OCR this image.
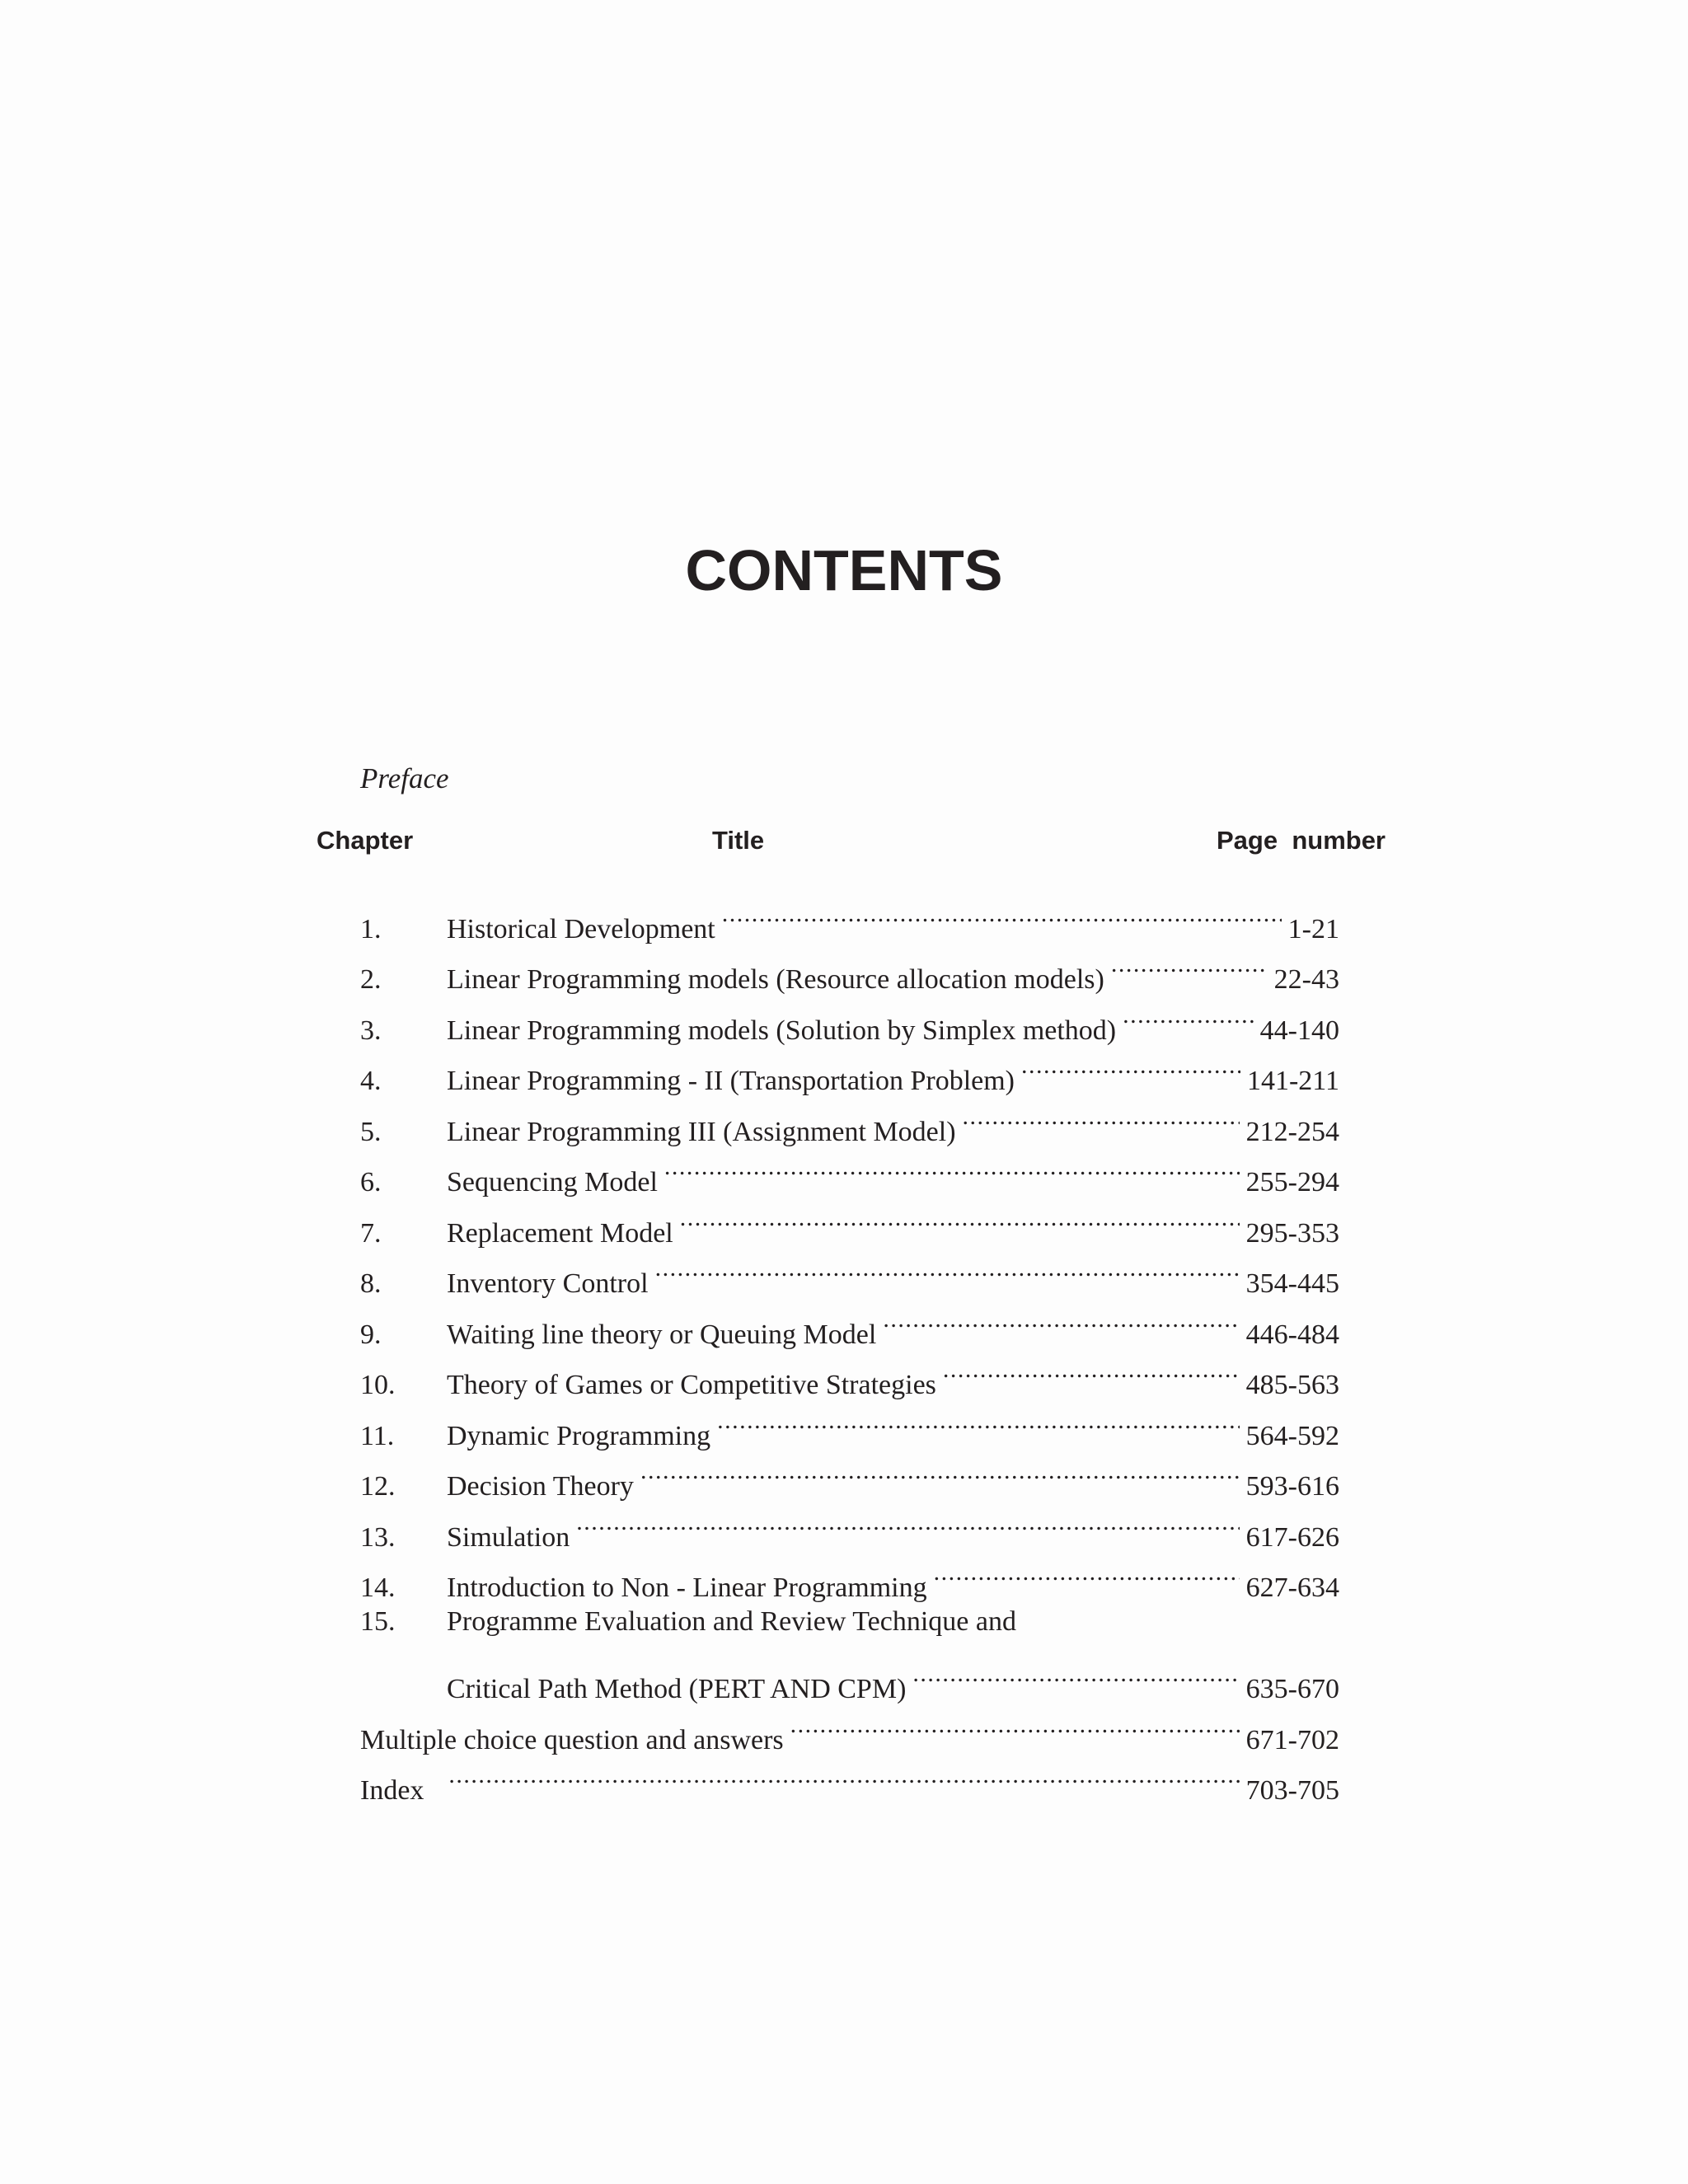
CONTENTS
Preface
Chapter	Title	Page  number
1.	Historical Development .....	1-21
2.	Linear Programming models (Resource allocation models) .....	22-43
3.	Linear Programming models (Solution by Simplex method) .....	44-140
4.	Linear Programming - II (Transportation Problem) .....	141-211
5.	Linear Programming III (Assignment Model) .....	212-254
6.	Sequencing Model .....	255-294
7.	Replacement Model .....	295-353
8.	Inventory Control .....	354-445
9.	Waiting line theory or Queuing Model .....	446-484
10.	Theory of Games or Competitive Strategies .....	485-563
11.	Dynamic Programming .....	564-592
12.	Decision Theory .....	593-616
13.	Simulation .....	617-626
14.	Introduction to Non - Linear Programming .....	627-634
15.	Programme Evaluation and Review Technique and
Critical Path Method (PERT AND CPM) .....	635-670
Multiple choice question and answers .....	671-702
Index .....	703-705
